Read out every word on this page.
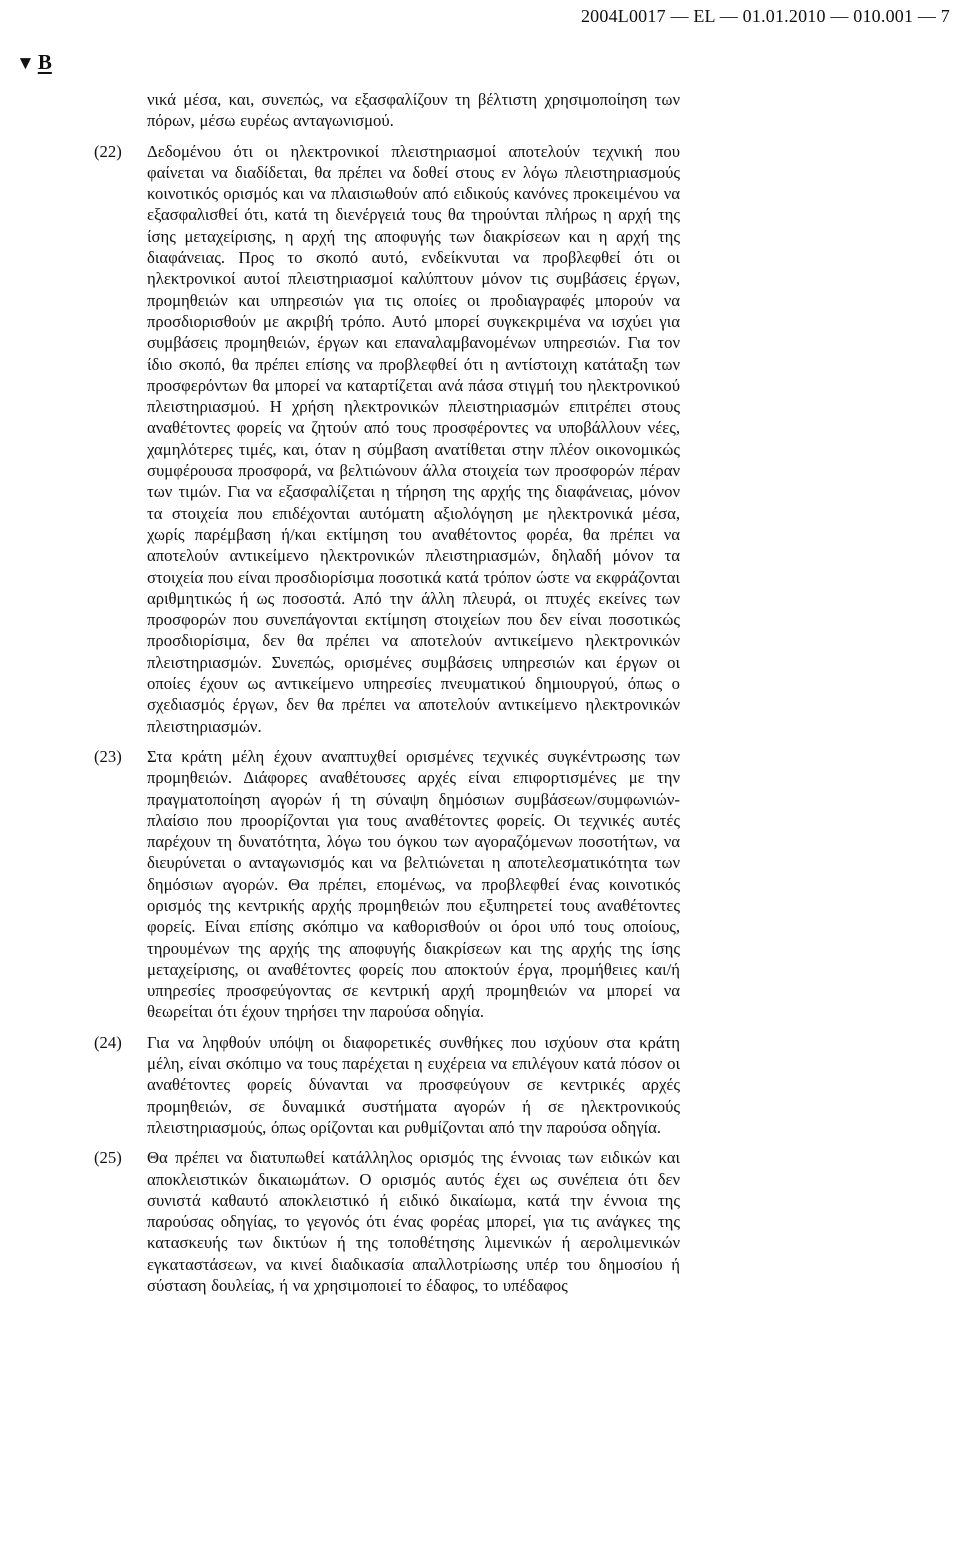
2004L0017 — EL — 01.01.2010 — 010.001 — 7
▼ B

νικά μέσα, και, συνεπώς, να εξασφαλίζουν τη βέλτιστη χρησιμοποίηση των πόρων, μέσω ευρέως ανταγωνισμού.

(22)	Δεδομένου ότι οι ηλεκτρονικοί πλειστηριασμοί αποτελούν τεχνική που φαίνεται να διαδίδεται, θα πρέπει να δοθεί στους εν λόγω πλειστηριασμούς κοινοτικός ορισμός και να πλαισιωθούν από ειδικούς κανόνες προκειμένου να εξασφαλισθεί ότι, κατά τη διενέργειά τους θα τηρούνται πλήρως η αρχή της ίσης μεταχείρισης, η αρχή της αποφυγής των διακρίσεων και η αρχή της διαφάνειας. Προς το σκοπό αυτό, ενδείκνυται να προβλεφθεί ότι οι ηλεκτρονικοί αυτοί πλειστηριασμοί καλύπτουν μόνον τις συμβάσεις έργων, προμηθειών και υπηρεσιών για τις οποίες οι προδιαγραφές μπορούν να προσδιορισθούν με ακριβή τρόπο. Αυτό μπορεί συγκεκριμένα να ισχύει για συμβάσεις προμηθειών, έργων και επαναλαμβανομένων υπηρεσιών. Για τον ίδιο σκοπό, θα πρέπει επίσης να προβλεφθεί ότι η αντίστοιχη κατάταξη των προσφερόντων θα μπορεί να καταρτίζεται ανά πάσα στιγμή του ηλεκτρονικού πλειστηριασμού. Η χρήση ηλεκτρονικών πλειστηριασμών επιτρέπει στους αναθέτοντες φορείς να ζητούν από τους προσφέροντες να υποβάλλουν νέες, χαμηλότερες τιμές, και, όταν η σύμβαση ανατίθεται στην πλέον οικονομικώς συμφέρουσα προσφορά, να βελτιώνουν άλλα στοιχεία των προσφορών πέραν των τιμών. Για να εξασφαλίζεται η τήρηση της αρχής της διαφάνειας, μόνον τα στοιχεία που επιδέχονται αυτόματη αξιολόγηση με ηλεκτρονικά μέσα, χωρίς παρέμβαση ή/και εκτίμηση του αναθέτοντος φορέα, θα πρέπει να αποτελούν αντικείμενο ηλεκτρονικών πλειστηριασμών, δηλαδή μόνον τα στοιχεία που είναι προσδιορίσιμα ποσοτικά κατά τρόπον ώστε να εκφράζονται αριθμητικώς ή ως ποσοστά. Από την άλλη πλευρά, οι πτυχές εκείνες των προσφορών που συνεπάγονται εκτίμηση στοιχείων που δεν είναι ποσοτικώς προσδιορίσιμα, δεν θα πρέπει να αποτελούν αντικείμενο ηλεκτρονικών πλειστηριασμών. Συνεπώς, ορισμένες συμβάσεις υπηρεσιών και έργων οι οποίες έχουν ως αντικείμενο υπηρεσίες πνευματικού δημιουργού, όπως ο σχεδιασμός έργων, δεν θα πρέπει να αποτελούν αντικείμενο ηλεκτρονικών πλειστηριασμών.
(23)	Στα κράτη μέλη έχουν αναπτυχθεί ορισμένες τεχνικές συγκέντρωσης των προμηθειών. Διάφορες αναθέτουσες αρχές είναι επιφορτισμένες με την πραγματοποίηση αγορών ή τη σύναψη δημόσιων συμβάσεων/συμφωνιών-πλαίσιο που προορίζονται για τους αναθέτοντες φορείς. Οι τεχνικές αυτές παρέχουν τη δυνατότητα, λόγω του όγκου των αγοραζόμενων ποσοτήτων, να διευρύνεται ο ανταγωνισμός και να βελτιώνεται η αποτελεσματικότητα των δημόσιων αγορών. Θα πρέπει, επομένως, να προβλεφθεί ένας κοινοτικός ορισμός της κεντρικής αρχής προμηθειών που εξυπηρετεί τους αναθέτοντες φορείς. Είναι επίσης σκόπιμο να καθορισθούν οι όροι υπό τους οποίους, τηρουμένων της αρχής της αποφυγής διακρίσεων και της αρχής της ίσης μεταχείρισης, οι αναθέτοντες φορείς που αποκτούν έργα, προμήθειες και/ή υπηρεσίες προσφεύγοντας σε κεντρική αρχή προμηθειών να μπορεί να θεωρείται ότι έχουν τηρήσει την παρούσα οδηγία.
(24)	Για να ληφθούν υπόψη οι διαφορετικές συνθήκες που ισχύουν στα κράτη μέλη, είναι σκόπιμο να τους παρέχεται η ευχέρεια να επιλέγουν κατά πόσον οι αναθέτοντες φορείς δύνανται να προσφεύγουν σε κεντρικές αρχές προμηθειών, σε δυναμικά συστήματα αγορών ή σε ηλεκτρονικούς πλειστηριασμούς, όπως ορίζονται και ρυθμίζονται από την παρούσα οδηγία.
(25)	Θα πρέπει να διατυπωθεί κατάλληλος ορισμός της έννοιας των ειδικών και αποκλειστικών δικαιωμάτων. Ο ορισμός αυτός έχει ως συνέπεια ότι δεν συνιστά καθαυτό αποκλειστικό ή ειδικό δικαίωμα, κατά την έννοια της παρούσας οδηγίας, το γεγονός ότι ένας φορέας μπορεί, για τις ανάγκες της κατασκευής των δικτύων ή της τοποθέτησης λιμενικών ή αερολιμενικών εγκαταστάσεων, να κινεί διαδικασία απαλλοτρίωσης υπέρ του δημοσίου ή σύσταση δουλείας, ή να χρησιμοποιεί το έδαφος, το υπέδαφος
